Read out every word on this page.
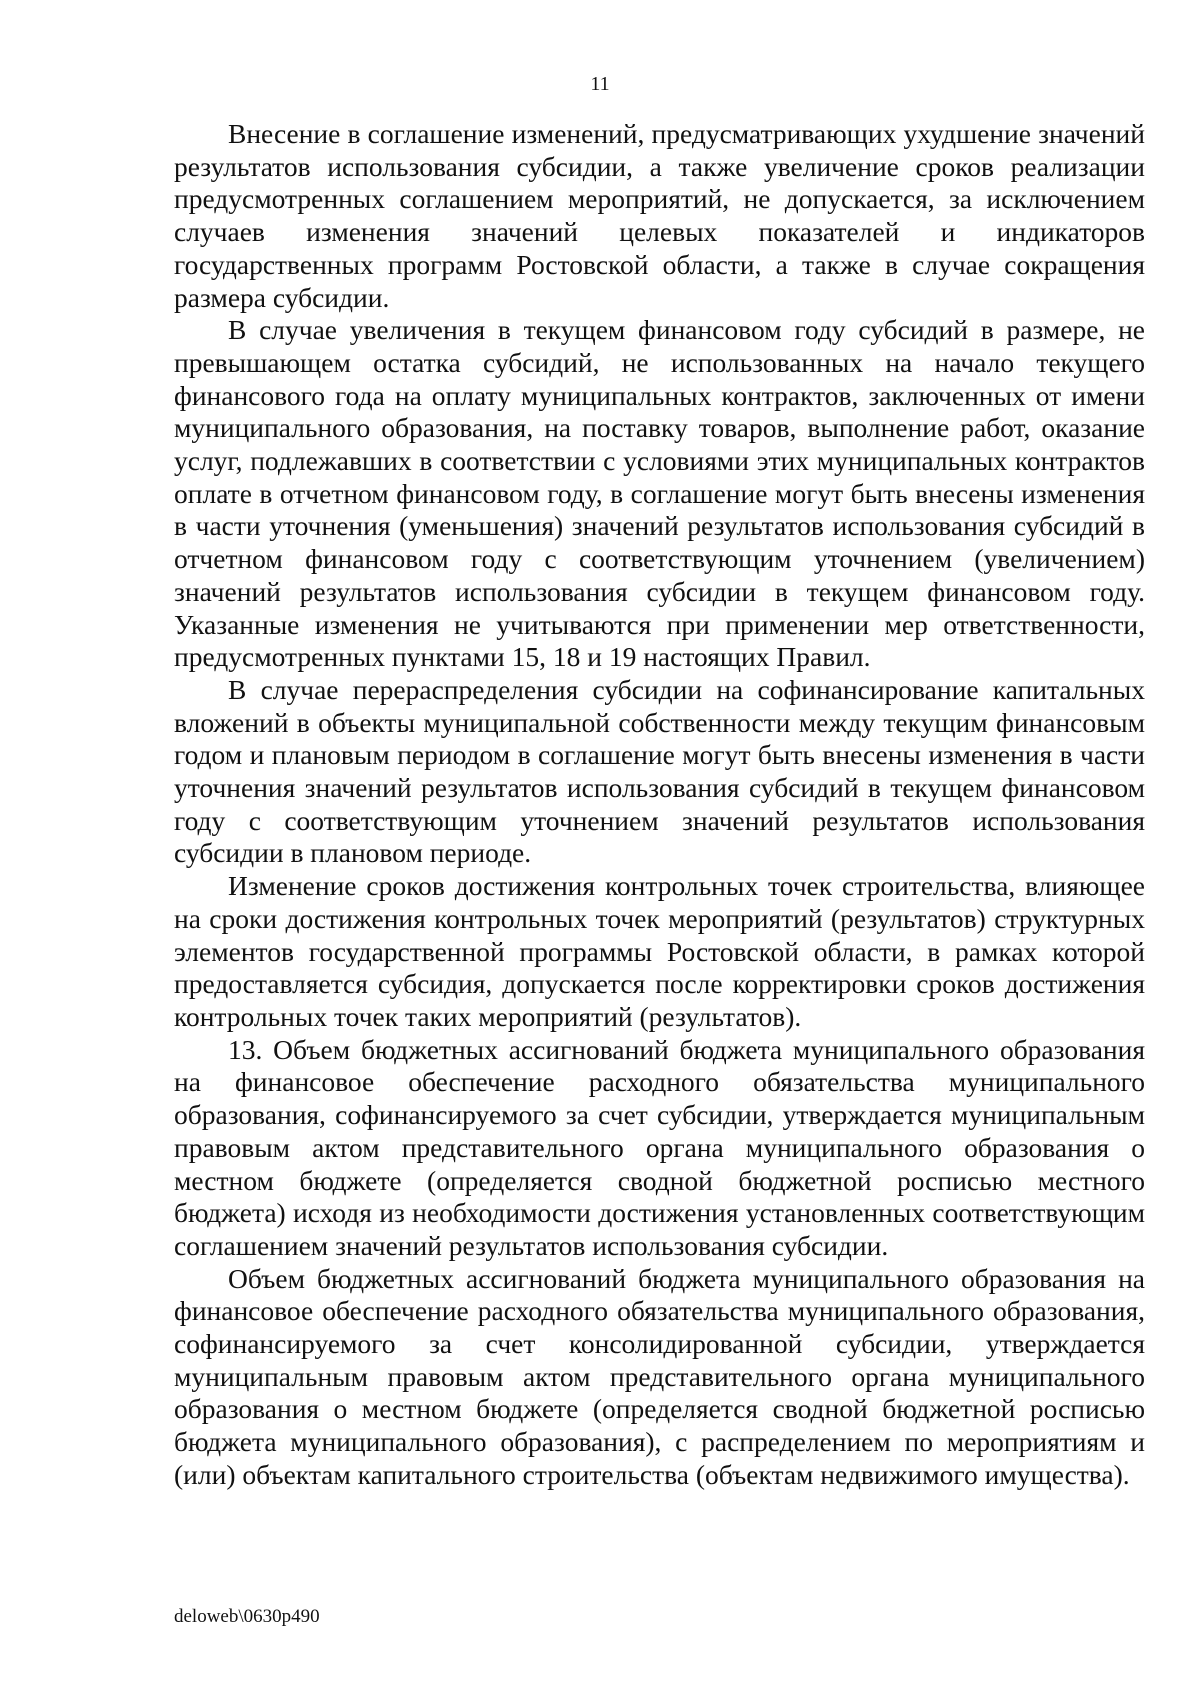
11

Внесение в соглашение изменений, предусматривающих ухудшение значений результатов использования субсидии, а также увеличение сроков реализации предусмотренных соглашением мероприятий, не допускается, за исключением случаев изменения значений целевых показателей и индикаторов государственных программ Ростовской области, а также в случае сокращения размера субсидии.

В случае увеличения в текущем финансовом году субсидий в размере, не превышающем остатка субсидий, не использованных на начало текущего финансового года на оплату муниципальных контрактов, заключенных от имени муниципального образования, на поставку товаров, выполнение работ, оказание услуг, подлежавших в соответствии с условиями этих муниципальных контрактов оплате в отчетном финансовом году, в соглашение могут быть внесены изменения в части уточнения (уменьшения) значений результатов использования субсидий в отчетном финансовом году с соответствующим уточнением (увеличением) значений результатов использования субсидии в текущем финансовом году. Указанные изменения не учитываются при применении мер ответственности, предусмотренных пунктами 15, 18 и 19 настоящих Правил.

В случае перераспределения субсидии на софинансирование капитальных вложений в объекты муниципальной собственности между текущим финансовым годом и плановым периодом в соглашение могут быть внесены изменения в части уточнения значений результатов использования субсидий в текущем финансовом году с соответствующим уточнением значений результатов использования субсидии в плановом периоде.

Изменение сроков достижения контрольных точек строительства, влияющее на сроки достижения контрольных точек мероприятий (результатов) структурных элементов государственной программы Ростовской области, в рамках которой предоставляется субсидия, допускается после корректировки сроков достижения контрольных точек таких мероприятий (результатов).

13. Объем бюджетных ассигнований бюджета муниципального образования на финансовое обеспечение расходного обязательства муниципального образования, софинансируемого за счет субсидии, утверждается муниципальным правовым актом представительного органа муниципального образования о местном бюджете (определяется сводной бюджетной росписью местного бюджета) исходя из необходимости достижения установленных соответствующим соглашением значений результатов использования субсидии.

Объем бюджетных ассигнований бюджета муниципального образования на финансовое обеспечение расходного обязательства муниципального образования, софинансируемого за счет консолидированной субсидии, утверждается муниципальным правовым актом представительного органа муниципального образования о местном бюджете (определяется сводной бюджетной росписью бюджета муниципального образования), с распределением по мероприятиям и (или) объектам капитального строительства (объектам недвижимого имущества).

deloweb\0630p490
